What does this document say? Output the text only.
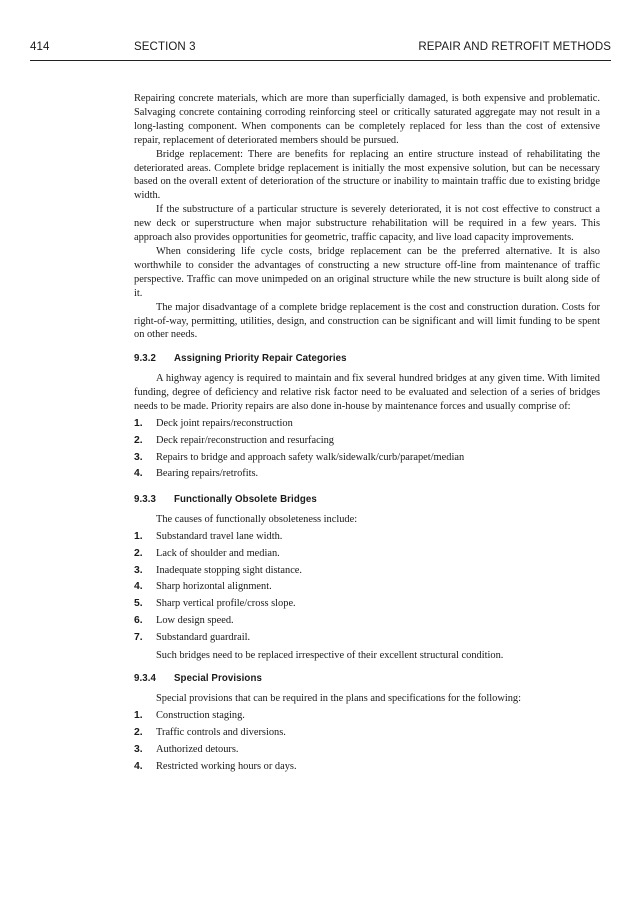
414	SECTION 3	REPAIR AND RETROFIT METHODS

Repairing concrete materials, which are more than superficially damaged, is both expensive and problematic. Salvaging concrete containing corroding reinforcing steel or critically saturated aggregate may not result in a long-lasting component. When components can be completely replaced for less than the cost of extensive repair, replacement of deteriorated members should be pursued.

Bridge replacement: There are benefits for replacing an entire structure instead of rehabilitating the deteriorated areas. Complete bridge replacement is initially the most expensive solution, but can be necessary based on the overall extent of deterioration of the structure or inability to maintain traffic due to existing bridge width.

If the substructure of a particular structure is severely deteriorated, it is not cost effective to construct a new deck or superstructure when major substructure rehabilitation will be required in a few years. This approach also provides opportunities for geometric, traffic capacity, and live load capacity improvements.

When considering life cycle costs, bridge replacement can be the preferred alternative. It is also worthwhile to consider the advantages of constructing a new structure off-line from maintenance of traffic perspective. Traffic can move unimpeded on an original structure while the new structure is built along side of it.

The major disadvantage of a complete bridge replacement is the cost and construction duration. Costs for right-of-way, permitting, utilities, design, and construction can be significant and will limit funding to be spent on other needs.

9.3.2 Assigning Priority Repair Categories

A highway agency is required to maintain and fix several hundred bridges at any given time. With limited funding, degree of deficiency and relative risk factor need to be evaluated and selection of a series of bridges needs to be made. Priority repairs are also done in-house by maintenance forces and usually comprise of:

1. Deck joint repairs/reconstruction
2. Deck repair/reconstruction and resurfacing
3. Repairs to bridge and approach safety walk/sidewalk/curb/parapet/median
4. Bearing repairs/retrofits.
9.3.3 Functionally Obsolete Bridges

The causes of functionally obsoleteness include:

1. Substandard travel lane width.
2. Lack of shoulder and median.
3. Inadequate stopping sight distance.
4. Sharp horizontal alignment.
5. Sharp vertical profile/cross slope.
6. Low design speed.
7. Substandard guardrail.

Such bridges need to be replaced irrespective of their excellent structural condition.

9.3.4 Special Provisions

Special provisions that can be required in the plans and specifications for the following:

1. Construction staging.
2. Traffic controls and diversions.
3. Authorized detours.
4. Restricted working hours or days.
